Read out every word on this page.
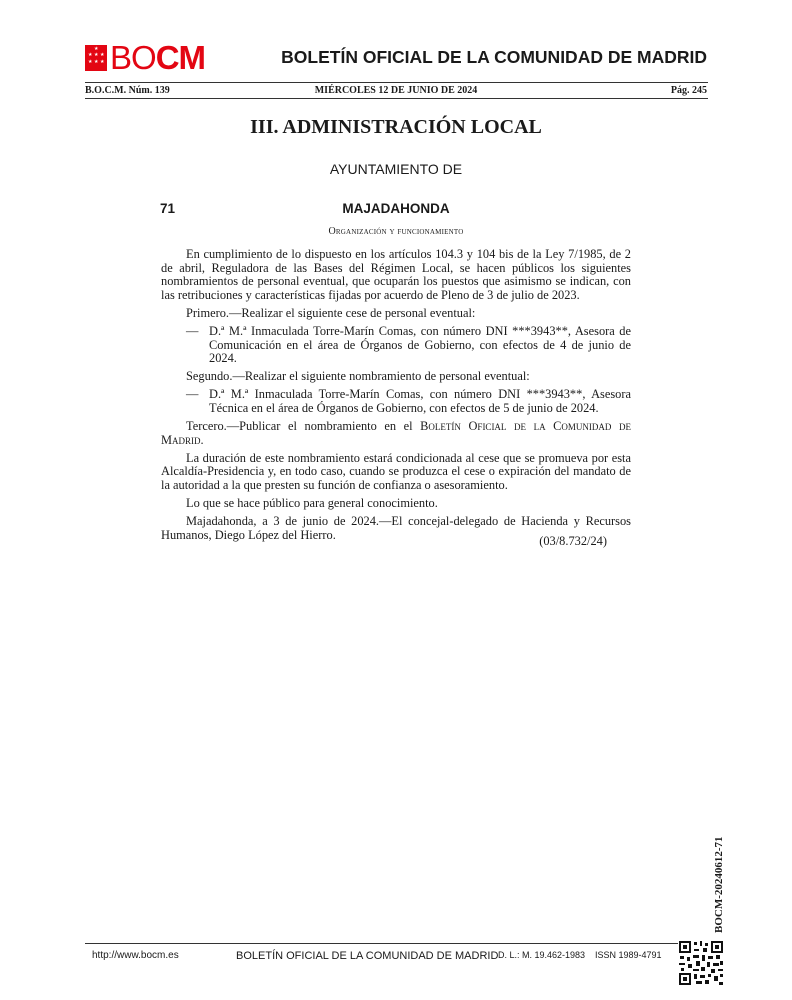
★ ★ ★
★ ★ ★
★ BOCM	BOLETÍN OFICIAL DE LA COMUNIDAD DE MADRID
B.O.C.M. Núm. 139	MIÉRCOLES 12 DE JUNIO DE 2024	Pág. 245
III. ADMINISTRACIÓN LOCAL
AYUNTAMIENTO DE
71	MAJADAHONDA
Organización y funcionamiento

En cumplimiento de lo dispuesto en los artículos 104.3 y 104 bis de la Ley 7/1985, de 2 de abril, Reguladora de las Bases del Régimen Local, se hacen públicos los siguientes nombramientos de personal eventual, que ocuparán los puestos que asimismo se indican, con las retribuciones y características fijadas por acuerdo de Pleno de 3 de julio de 2023.

Primero.—Realizar el siguiente cese de personal eventual:

— D.ª M.ª Inmaculada Torre-Marín Comas, con número DNI ***3943**, Asesora de Comunicación en el área de Órganos de Gobierno, con efectos de 4 de junio de 2024.

Segundo.—Realizar el siguiente nombramiento de personal eventual:

— D.ª M.ª Inmaculada Torre-Marín Comas, con número DNI ***3943**, Asesora Técnica en el área de Órganos de Gobierno, con efectos de 5 de junio de 2024.

Tercero.—Publicar el nombramiento en el Boletín Oficial de la Comunidad de Madrid.

La duración de este nombramiento estará condicionada al cese que se promueva por esta Alcaldía-Presidencia y, en todo caso, cuando se produzca el cese o expiración del mandato de la autoridad a la que presten su función de confianza o asesoramiento.

Lo que se hace público para general conocimiento.

Majadahonda, a 3 de junio de 2024.—El concejal-delegado de Hacienda y Recursos Humanos, Diego López del Hierro.	(03/8.732/24)
BOCM-20240612-71
http://www.bocm.es	BOLETÍN OFICIAL DE LA COMUNIDAD DE MADRID D. L.: M. 19.462-1983 ISSN 1989-4791
